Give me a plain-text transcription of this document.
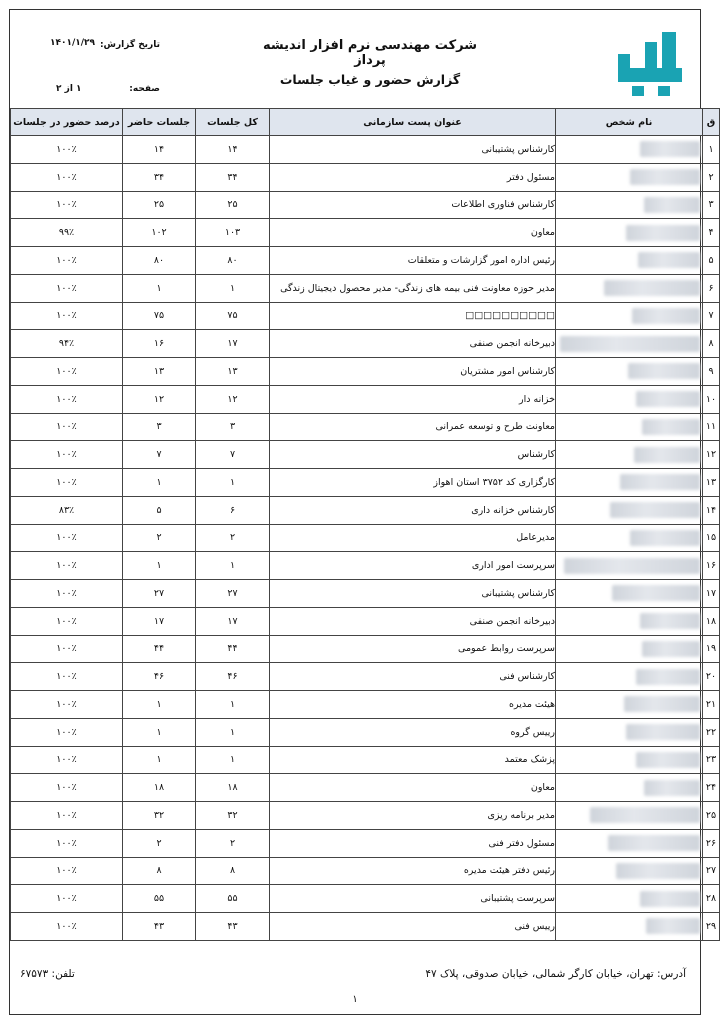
شرکت مهندسی نرم افزار اندیشه پرداز
گزارش حضور و غیاب جلسات
تاریخ گزارش:
۱۴۰۱/۱/۲۹
صفحه:
۱ از ۲
ق	نام شخص	عنوان پست سازمانی	کل جلسات	جلسات حاضر	درصد حضور در جلسات
۱		کارشناس پشتیبانی	۱۴	۱۴	۱۰۰٪
۲		مسئول دفتر	۳۴	۳۴	۱۰۰٪
۳		کارشناس فناوری اطلاعات	۲۵	۲۵	۱۰۰٪
۴		معاون	۱۰۳	۱۰۲	۹۹٪
۵		رئیس اداره امور گزارشات و متعلقات	۸۰	۸۰	۱۰۰٪
۶		مدیر حوزه معاونت فنی بیمه های زندگی- مدیر محصول دیجیتال زندگی	۱	۱	۱۰۰٪
۷		□□□□□□□□□□	۷۵	۷۵	۱۰۰٪
۸		دبیرخانه انجمن صنفی	۱۷	۱۶	۹۴٪
۹		کارشناس امور مشتریان	۱۳	۱۳	۱۰۰٪
۱۰		خزانه دار	۱۲	۱۲	۱۰۰٪
۱۱		معاونت طرح و توسعه عمرانی	۳	۳	۱۰۰٪
۱۲		کارشناس	۷	۷	۱۰۰٪
۱۳		کارگزاری کد ۳۷۵۲ استان اهواز	۱	۱	۱۰۰٪
۱۴		کارشناس خزانه داری	۶	۵	۸۳٪
۱۵		مدیرعامل	۲	۲	۱۰۰٪
۱۶		سرپرست امور اداری	۱	۱	۱۰۰٪
۱۷		کارشناس پشتیبانی	۲۷	۲۷	۱۰۰٪
۱۸		دبیرخانه انجمن صنفی	۱۷	۱۷	۱۰۰٪
۱۹		سرپرست روابط عمومی	۴۴	۴۴	۱۰۰٪
۲۰		کارشناس فنی	۴۶	۴۶	۱۰۰٪
۲۱		هیئت مدیره	۱	۱	۱۰۰٪
۲۲		رییس گروه	۱	۱	۱۰۰٪
۲۳		پزشک معتمد	۱	۱	۱۰۰٪
۲۴		معاون	۱۸	۱۸	۱۰۰٪
۲۵		مدیر برنامه ریزی	۳۲	۳۲	۱۰۰٪
۲۶		مسئول دفتر فنی	۲	۲	۱۰۰٪
۲۷		رئیس دفتر هیئت مدیره	۸	۸	۱۰۰٪
۲۸		سرپرست پشتیبانی	۵۵	۵۵	۱۰۰٪
۲۹		رییس فنی	۴۳	۴۳	۱۰۰٪
آدرس: تهران، خیابان کارگر شمالی، خیابان صدوقی، پلاک ۴۷
تلفن: ۶۷۵۷۳
۱
